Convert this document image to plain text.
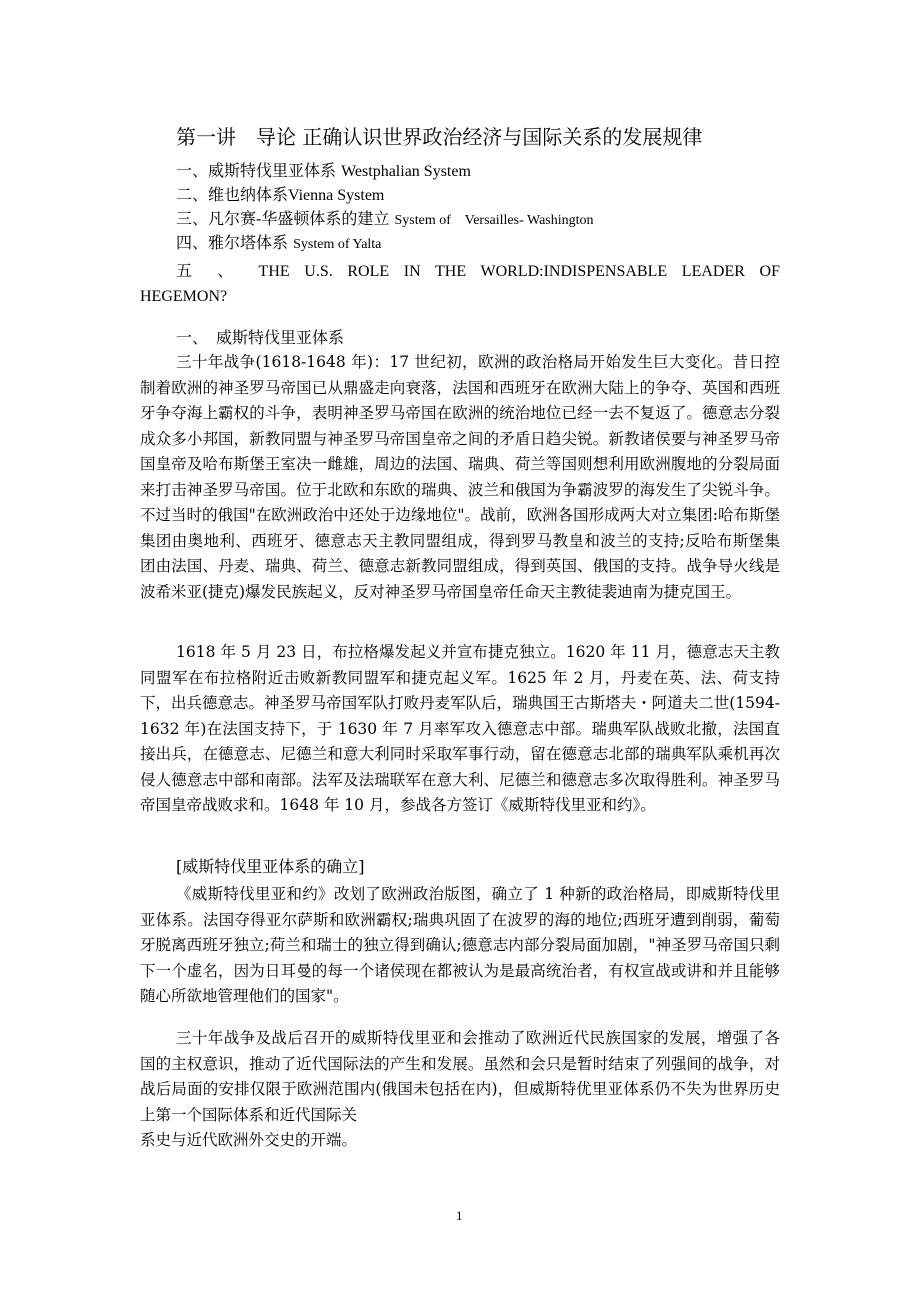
第一讲　导论 正确认识世界政治经济与国际关系的发展规律
一、威斯特伐里亚体系 Westphalian System
二、维也纳体系Vienna System
三、凡尔赛-华盛顿体系的建立 System of    Versailles- Washington
四、雅尔塔体系 System of Yalta
五 、 THE U.S. ROLE IN THE WORLD:INDISPENSABLE LEADER OF
HEGEMON?
一、　威斯特伐里亚体系

三十年战争(1618-1648 年)：17 世纪初，欧洲的政治格局开始发生巨大变化。昔日控制着欧洲的神圣罗马帝国已从鼎盛走向衰落，法国和西班牙在欧洲大陆上的争夺、英国和西班牙争夺海上霸权的斗争，表明神圣罗马帝国在欧洲的统治地位已经一去不复返了。德意志分裂成众多小邦国，新教同盟与神圣罗马帝国皇帝之间的矛盾日趋尖锐。新教诸侯要与神圣罗马帝国皇帝及哈布斯堡王室决一雌雄，周边的法国、瑞典、荷兰等国则想利用欧洲腹地的分裂局面来打击神圣罗马帝国。位于北欧和东欧的瑞典、波兰和俄国为争霸波罗的海发生了尖锐斗争。不过当时的俄国"在欧洲政治中还处于边缘地位"。战前，欧洲各国形成两大对立集团:哈布斯堡集团由奥地利、西班牙、德意志天主教同盟组成，得到罗马教皇和波兰的支持;反哈布斯堡集团由法国、丹麦、瑞典、荷兰、德意志新教同盟组成，得到英国、俄国的支持。战争导火线是波希米亚(捷克)爆发民族起义，反对神圣罗马帝国皇帝任命天主教徒裴迪南为捷克国王。

1618 年 5 月 23 日，布拉格爆发起义并宣布捷克独立。1620 年 11 月，德意志天主教同盟军在布拉格附近击败新教同盟军和捷克起义军。1625 年 2 月，丹麦在英、法、荷支持下，出兵德意志。神圣罗马帝国军队打败丹麦军队后，瑞典国王古斯塔夫・阿道夫二世(1594-1632 年)在法国支持下，于 1630 年 7 月率军攻入德意志中部。瑞典军队战败北撤，法国直接出兵，在德意志、尼德兰和意大利同时采取军事行动，留在德意志北部的瑞典军队乘机再次侵人德意志中部和南部。法军及法瑞联军在意大利、尼德兰和德意志多次取得胜利。神圣罗马帝国皇帝战败求和。1648 年 10 月，参战各方签订《威斯特伐里亚和约》。

[威斯特伐里亚体系的确立]

《威斯特伐里亚和约》改划了欧洲政治版图，确立了 1 种新的政治格局，即威斯特伐里亚体系。法国夺得亚尔萨斯和欧洲霸权;瑞典巩固了在波罗的海的地位;西班牙遭到削弱，葡萄牙脱离西班牙独立;荷兰和瑞士的独立得到确认;德意志内部分裂局面加剧，"神圣罗马帝国只剩下一个虚名，因为日耳曼的每一个诸侯现在都被认为是最高统治者，有权宣战或讲和并且能够随心所欲地管理他们的国家"。

三十年战争及战后召开的威斯特伐里亚和会推动了欧洲近代民族国家的发展，增强了各国的主权意识，推动了近代国际法的产生和发展。虽然和会只是暂时结束了列强间的战争，对战后局面的安排仅限于欧洲范围内(俄国未包括在内)，但威斯特优里亚体系仍不失为世界历史上第一个国际体系和近代国际关

系史与近代欧洲外交史的开端。

1
